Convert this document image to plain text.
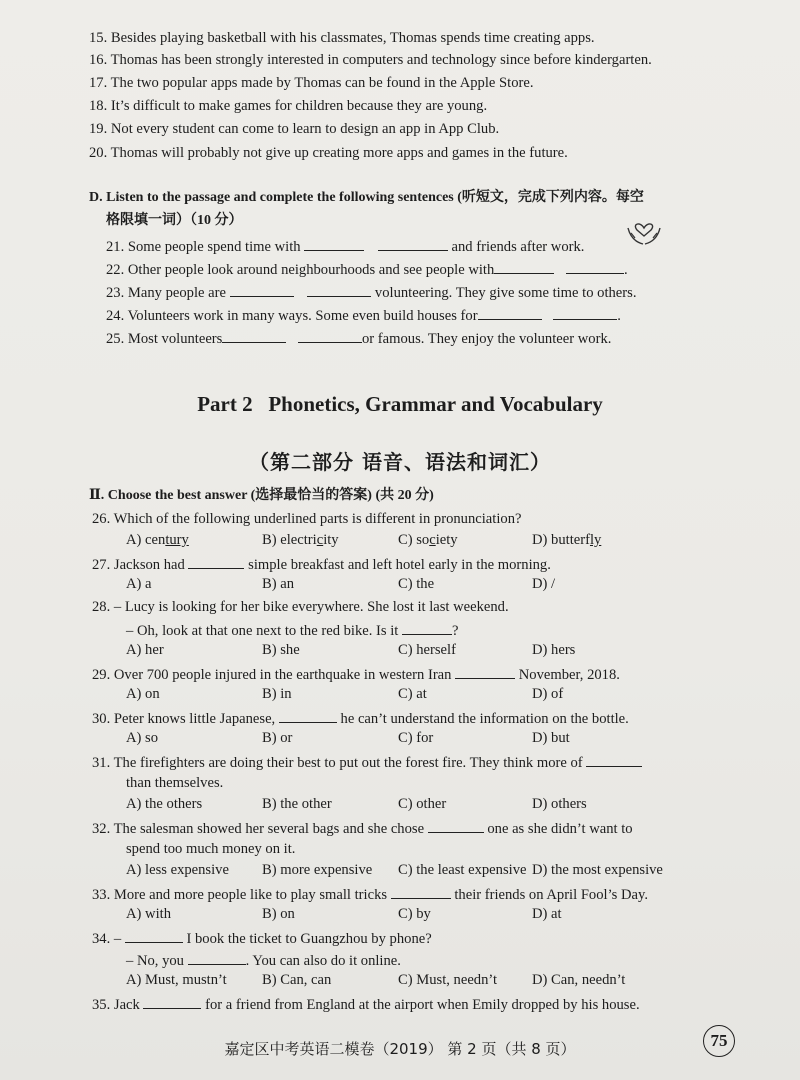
15. Besides playing basketball with his classmates, Thomas spends time creating apps.
16. Thomas has been strongly interested in computers and technology since before kindergarten.
17. The two popular apps made by Thomas can be found in the Apple Store.
18. It’s difficult to make games for children because they are young.
19. Not every student can come to learn to design an app in App Club.
20. Thomas will probably not give up creating more apps and games in the future.
D. Listen to the passage and complete the following sentences (听短文，完成下列内容。每空
格限填一词）（10 分）
21. Some people spend time with	and friends after work.
22. Other people look around neighbourhoods and see people with	.
23. Many people are	volunteering. They give some time to others.
24. Volunteers work in many ways. Some even build houses for	.
25. Most volunteers	or famous. They enjoy the volunteer work.
Part 2   Phonetics, Grammar and Vocabulary
（第二部分 语音、语法和词汇）
Ⅱ. Choose the best answer (选择最恰当的答案) (共 20 分)
26. Which of the following underlined parts is different in pronunciation?
A) century	B) electricity	C) society	D) butterfly
27. Jackson had	simple breakfast and left hotel early in the morning.
A) a	B) an	C) the	D) /
28. – Lucy is looking for her bike everywhere. She lost it last weekend.
– Oh, look at that one next to the red bike. Is it	?
A) her	B) she	C) herself	D) hers
29. Over 700 people injured in the earthquake in western Iran	November, 2018.
A) on	B) in	C) at	D) of
30. Peter knows little Japanese,	he can’t understand the information on the bottle.
A) so	B) or	C) for	D) but
31. The firefighters are doing their best to put out the forest fire. They think more of
than themselves.
A) the others	B) the other	C) other	D) others
32. The salesman showed her several bags and she chose	one as she didn’t want to
spend too much money on it.
A) less expensive B) more expensive C) the least expensive D) the most expensive
33. More and more people like to play small tricks	their friends on April Fool’s Day.
A) with	B) on	C) by	D) at
34. –	I book the ticket to Guangzhou by phone?
– No, you	. You can also do it online.
A) Must, mustn’t B) Can, can	C) Must, needn’t D) Can, needn’t
35. Jack	for a friend from England at the airport when Emily dropped by his house.
嘉定区中考英语二模卷（2019） 第 2 页（共 8 页）	75
